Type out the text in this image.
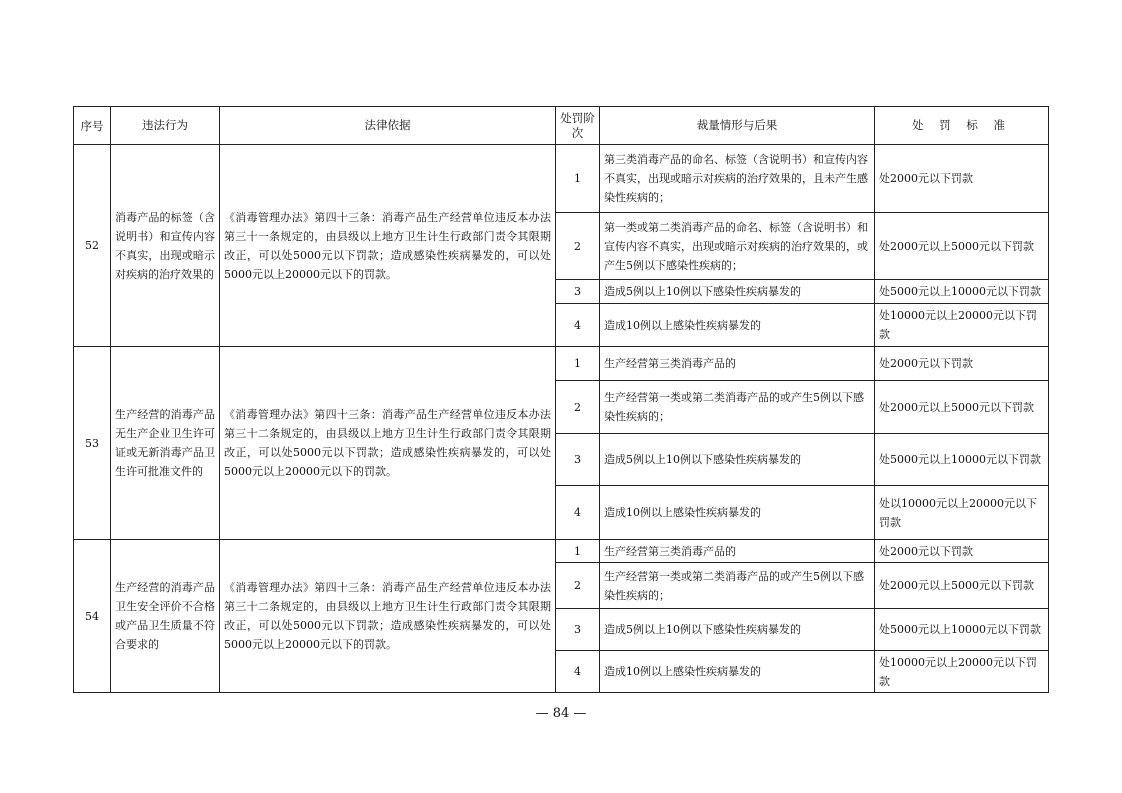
序号	违法行为	法律依据	处罚阶次	裁量情形与后果	处 罚 标 准
52	消毒产品的标签（含说明书）和宣传内容不真实，出现或暗示对疾病的治疗效果的	《消毒管理办法》第四十三条：消毒产品生产经营单位违反本办法第三十一条规定的，由县级以上地方卫生计生行政部门责令其限期改正，可以处5000元以下罚款；造成感染性疾病暴发的，可以处5000元以上20000元以下的罚款。	1	第三类消毒产品的命名、标签（含说明书）和宣传内容不真实，出现或暗示对疾病的治疗效果的，且未产生感染性疾病的；	处2000元以下罚款
			2	第一类或第二类消毒产品的命名、标签（含说明书）和宣传内容不真实，出现或暗示对疾病的治疗效果的，或产生5例以下感染性疾病的；	处2000元以上5000元以下罚款
			3	造成5例以上10例以下感染性疾病暴发的	处5000元以上10000元以下罚款
			4	造成10例以上感染性疾病暴发的	处10000元以上20000元以下罚款
53	生产经营的消毒产品无生产企业卫生许可证或无新消毒产品卫生许可批准文件的	《消毒管理办法》第四十三条：消毒产品生产经营单位违反本办法第三十二条规定的，由县级以上地方卫生计生行政部门责令其限期改正，可以处5000元以下罚款；造成感染性疾病暴发的，可以处5000元以上20000元以下的罚款。	1	生产经营第三类消毒产品的	处2000元以下罚款
			2	生产经营第一类或第二类消毒产品的或产生5例以下感染性疾病的；	处2000元以上5000元以下罚款
			3	造成5例以上10例以下感染性疾病暴发的	处5000元以上10000元以下罚款
			4	造成10例以上感染性疾病暴发的	处以10000元以上20000元以下罚款
54	生产经营的消毒产品卫生安全评价不合格或产品卫生质量不符合要求的	《消毒管理办法》第四十三条：消毒产品生产经营单位违反本办法第三十二条规定的，由县级以上地方卫生计生行政部门责令其限期改正，可以处5000元以下罚款；造成感染性疾病暴发的，可以处5000元以上20000元以下的罚款。	1	生产经营第三类消毒产品的	处2000元以下罚款
			2	生产经营第一类或第二类消毒产品的或产生5例以下感染性疾病的；	处2000元以上5000元以下罚款
			3	造成5例以上10例以下感染性疾病暴发的	处5000元以上10000元以下罚款
			4	造成10例以上感染性疾病暴发的	处10000元以上20000元以下罚款
— 84 —
